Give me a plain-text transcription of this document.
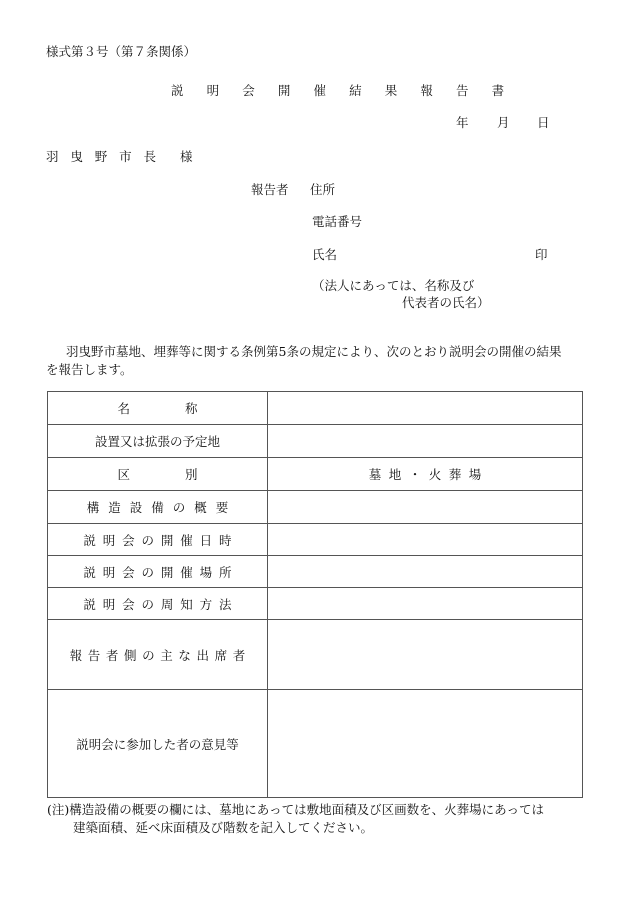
様式第３号（第７条関係）
説明会開催結果報告書
年 月 日
羽曳野市長 様
報告者 住所
電話番号
氏名	印
（法人にあっては、名称及び
代表者の氏名）
羽曳野市墓地、埋葬等に関する条例第5条の規定により、次のとおり説明会の開催の結果
を報告します。
名称	
設置又は拡張の予定地	
区別	墓地・火葬場
構造設備の概要	
説明会の開催日時	
説明会の開催場所	
説明会の周知方法	
報告者側の主な出席者	
説明会に参加した者の意見等	
(注)構造設備の概要の欄には、墓地にあっては敷地面積及び区画数を、火葬場にあっては
建築面積、延べ床面積及び階数を記入してください。
